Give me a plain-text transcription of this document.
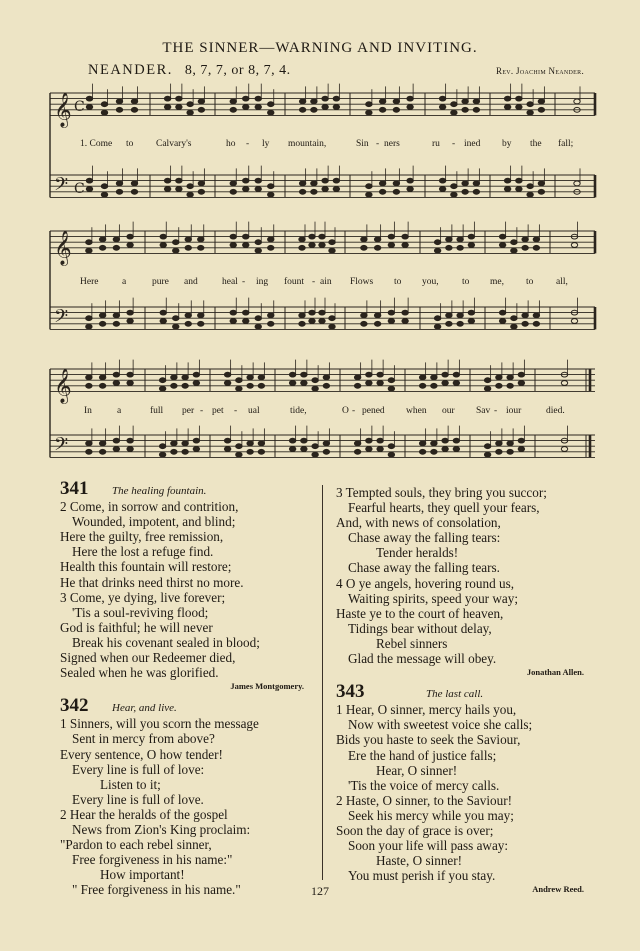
THE SINNER—WARNING AND INVITING.
NEANDER. 8, 7, 7, or 8, 7, 4.	Rev. Joachim Neander.
𝄞 C
𝄢 C
𝄞
𝄢
𝄞
𝄢
1. Come to Calvary's	ho - ly mountain,	Sin - ners	ru - ined by the fall;
Here a	pure and	heal - ing fount - ain Flows to you, to me, to all,
In	a	full per - pet - ual	tide,	O - pened when our Sav - iour	died.
341 The healing fountain.
2 Come, in sorrow and contrition,
Wounded, impotent, and blind;
Here the guilty, free remission,
Here the lost a refuge find.
Health this fountain will restore;
He that drinks need thirst no more.
3 Come, ye dying, live forever;
'Tis a soul-reviving flood;
God is faithful; he will never
Break his covenant sealed in blood;
Signed when our Redeemer died,
Sealed when he was glorified.
James Montgomery.
342 Hear, and live.
1 Sinners, will you scorn the message
Sent in mercy from above?
Every sentence, O how tender!
Every line is full of love:
Listen to it;
Every line is full of love.
2 Hear the heralds of the gospel
News from Zion's King proclaim:
"Pardon to each rebel sinner,
Free forgiveness in his name:"
How important!
" Free forgiveness in his name."
3 Tempted souls, they bring you succor;
Fearful hearts, they quell your fears,
And, with news of consolation,
Chase away the falling tears:
Tender heralds!
Chase away the falling tears.
4 O ye angels, hovering round us,
Waiting spirits, speed your way;
Haste ye to the court of heaven,
Tidings bear without delay,
Rebel sinners
Glad the message will obey.
Jonathan Allen.
343	The last call.
1 Hear, O sinner, mercy hails you,
Now with sweetest voice she calls;
Bids you haste to seek the Saviour,
Ere the hand of justice falls;
Hear, O sinner!
'Tis the voice of mercy calls.
2 Haste, O sinner, to the Saviour!
Seek his mercy while you may;
Soon the day of grace is over;
Soon your life will pass away:
Haste, O sinner!
You must perish if you stay.
Andrew Reed.
127
